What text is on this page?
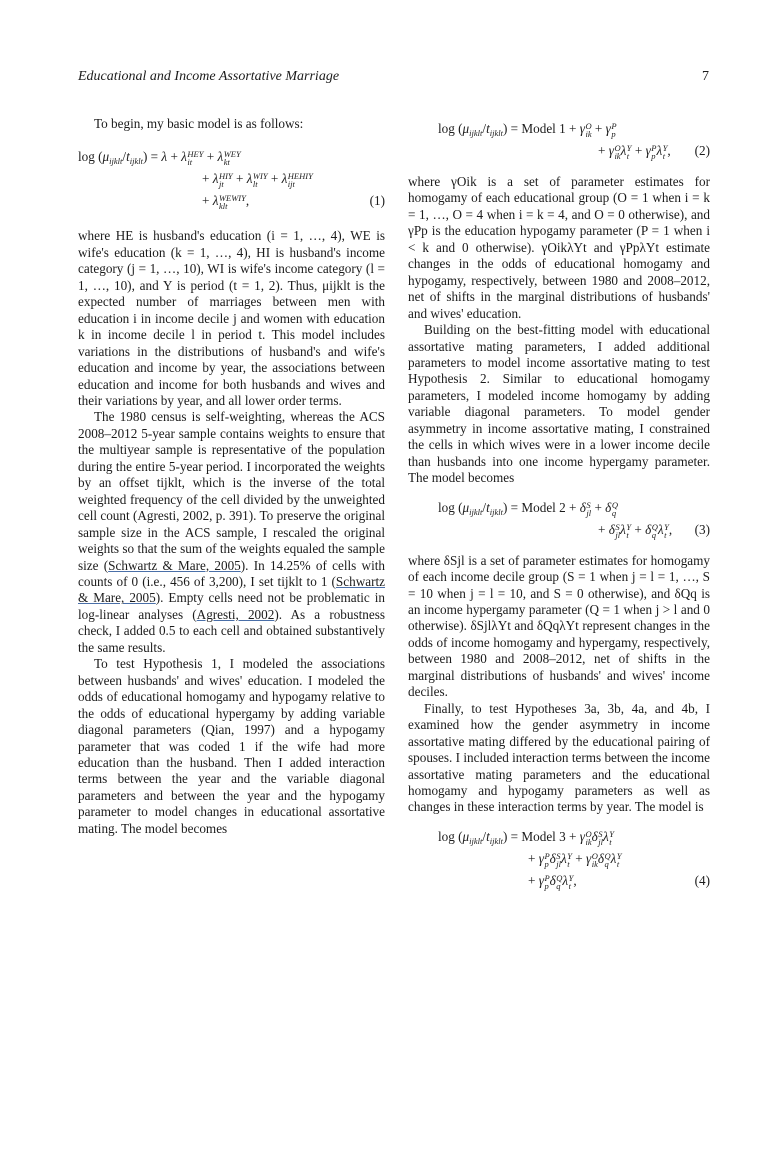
Educational and Income Assortative Marriage	7

To begin, my basic model is as follows:

$\log (\mu_{ijklt}/t_{ijklt}) = \lambda + \lambda$ HEY
it + λ WEY
kt
+ λ HIY
jt + λ WIY
lt + λ HEHIY
ijt
+ λ WEWIY
klt	,	(1)

where HE is husband's education (i = 1, …, 4), WE is wife's education (k = 1, …, 4), HI is husband's income category (j = 1, …, 10), WI is wife's income category (l = 1, …, 10), and Y is period (t = 1, 2). Thus, μijklt is the expected number of marriages between men with education i in income decile j and women with education k in income decile l in period t. This model includes variations in the distributions of husband's and wife's education and income by year, the associations between education and income for both husbands and wives and their variations by year, and all lower order terms.

The 1980 census is self-weighting, whereas the ACS 2008–2012 5-year sample contains weights to ensure that the multiyear sample is representative of the population during the entire 5-year period. I incorporated the weights by an offset tijklt, which is the inverse of the total weighted frequency of the cell divided by the unweighted cell count (Agresti, 2002, p. 391). To preserve the original sample size in the ACS sample, I rescaled the original weights so that the sum of the weights equaled the sample size (Schwartz & Mare, 2005). In 14.25% of cells with counts of 0 (i.e., 456 of 3,200), I set tijklt to 1 (Schwartz & Mare, 2005). Empty cells need not be problematic in log-linear analyses (Agresti, 2002). As a robustness check, I added 0.5 to each cell and obtained substantively the same results.

To test Hypothesis 1, I modeled the associations between husbands' and wives' education. I modeled the odds of educational homogamy and hypogamy relative to the odds of educational hypergamy by adding variable diagonal parameters (Qian, 1997) and a hypogamy parameter that was coded 1 if the wife had more education than the husband. Then I added interaction terms between the year and the variable diagonal parameters and between the year and the hypogamy parameter to model changes in educational assortative mating. The model becomes

$\log (\mu_{ijklt}/t_{ijklt})$ = Model 1 + γ O
ik + γ P
p
+ γ O
ik λ Y
t + γ P
p λ Y
t , (2)

where γOik is a set of parameter estimates for homogamy of each educational group (O = 1 when i = k = 1, …, O = 4 when i = k = 4, and O = 0 otherwise), and γPp is the education hypogamy parameter (P = 1 when i < k and 0 otherwise). γOikλYt and γPpλYt estimate changes in the odds of educational homogamy and hypogamy, respectively, between 1980 and 2008–2012, net of shifts in the marginal distributions of husbands' and wives' education.

Building on the best-fitting model with educational assortative mating parameters, I added additional parameters to model income assortative mating to test Hypothesis 2. Similar to educational homogamy parameters, I modeled income homogamy by adding variable diagonal parameters. To model gender asymmetry in income assortative mating, I constrained the cells in which wives were in a lower income decile than husbands into one income hypergamy parameter. The model becomes

$\log (\mu_{ijklt}/t_{ijklt})$ = Model 2 + δ S
jl + δ Q
q
+ δ S
jl λ Y
t + δ Q
q λ Y
t , (3)

where δSjl is a set of parameter estimates for homogamy of each income decile group (S = 1 when j = l = 1, …, S = 10 when j = l = 10, and S = 0 otherwise), and δQq is an income hypergamy parameter (Q = 1 when j > l and 0 otherwise). δSjlλYt and δQqλYt represent changes in the odds of income homogamy and hypergamy, respectively, between 1980 and 2008–2012, net of shifts in the marginal distributions of husbands' and wives' income deciles.

Finally, to test Hypotheses 3a, 3b, 4a, and 4b, I examined how the gender asymmetry in income assortative mating differed by the educational pairing of spouses. I included interaction terms between the income assortative mating parameters and the educational homogamy and hypogamy parameters as well as changes in these interaction terms by year. The model is

$\log (\mu_{ijklt}/t_{ijklt})$ = Model 3 + γ O
ik δ S
jl λ Y
t
+ γ P
p δ S
jl λ Y
t + γ O
ik δ Q
q λ Y
t
+ γ P
p δ Q
q λ Y
t ,	(4)
